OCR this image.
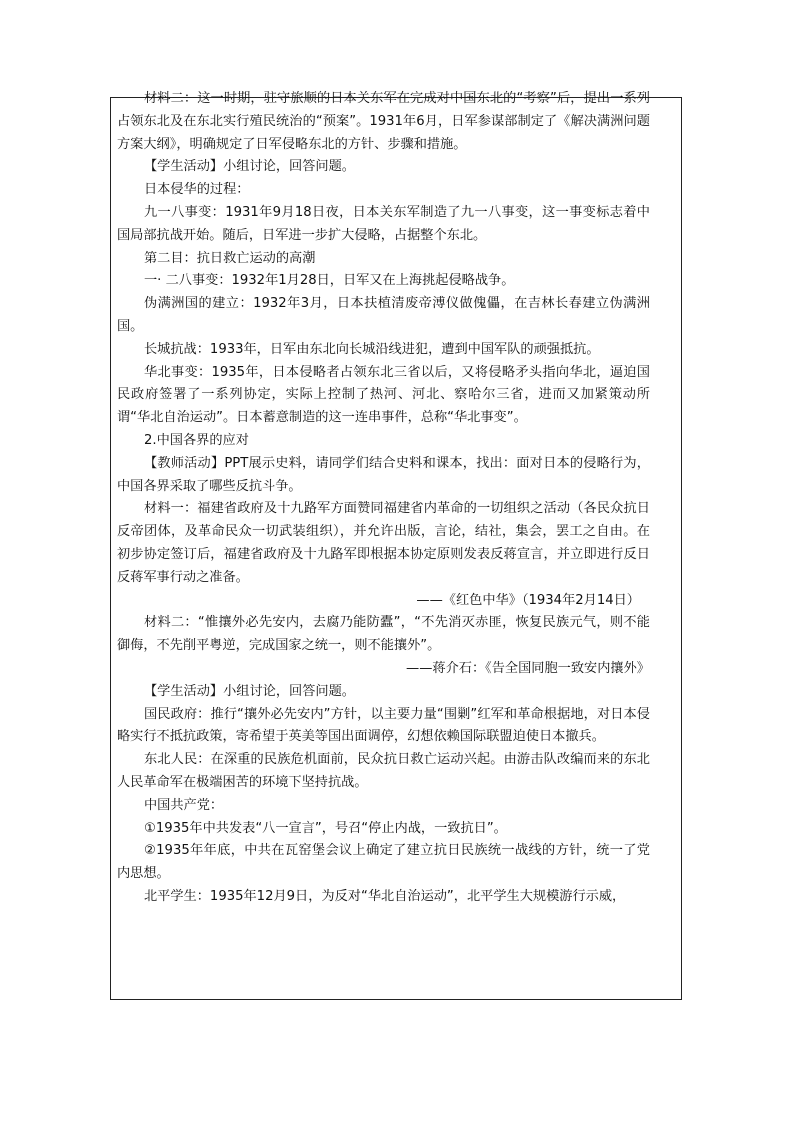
材料二：这一时期，驻守旅顺的日本关东军在完成对中国东北的“考察”后，提出一系列占领东北及在东北实行殖民统治的“预案”。1931年6月，日军参谋部制定了《解决满洲问题方案大纲》，明确规定了日军侵略东北的方针、步骤和措施。

【学生活动】小组讨论，回答问题。

日本侵华的过程：

九一八事变：1931年9月18日夜，日本关东军制造了九一八事变，这一事变标志着中国局部抗战开始。随后，日军进一步扩大侵略，占据整个东北。

第二目：抗日救亡运动的高潮

一· 二八事变：1932年1月28日，日军又在上海挑起侵略战争。

伪满洲国的建立：1932年3月，日本扶植清废帝溥仪做傀儡，在吉林长春建立伪满洲国。

长城抗战：1933年，日军由东北向长城沿线进犯，遭到中国军队的顽强抵抗。

华北事变：1935年，日本侵略者占领东北三省以后，又将侵略矛头指向华北，逼迫国民政府签署了一系列协定，实际上控制了热河、河北、察哈尔三省，进而又加紧策动所谓“华北自治运动”。日本蓄意制造的这一连串事件，总称“华北事变”。

2.中国各界的应对

【教师活动】PPT展示史料，请同学们结合史料和课本，找出：面对日本的侵略行为，中国各界采取了哪些反抗斗争。

材料一：福建省政府及十九路军方面赞同福建省内革命的一切组织之活动（各民众抗日反帝团体，及革命民众一切武装组织），并允许出版，言论，结社，集会，罢工之自由。在初步协定签订后，福建省政府及十九路军即根据本协定原则发表反蒋宣言，并立即进行反日反蒋军事行动之准备。

——《红色中华》（1934年2月14日）

材料二：“惟攘外必先安内，去腐乃能防蠹”，“不先消灭赤匪，恢复民族元气，则不能御侮，不先削平粤逆，完成国家之统一，则不能攘外”。

——蒋介石：《告全国同胞一致安内攘外》

【学生活动】小组讨论，回答问题。

国民政府：推行“攘外必先安内”方针，以主要力量“围剿”红军和革命根据地，对日本侵略实行不抵抗政策，寄希望于英美等国出面调停，幻想依赖国际联盟迫使日本撤兵。

东北人民：在深重的民族危机面前，民众抗日救亡运动兴起。由游击队改编而来的东北人民革命军在极端困苦的环境下坚持抗战。

中国共产党：

①1935年中共发表“八一宣言”，号召“停止内战，一致抗日”。

②1935年年底，中共在瓦窑堡会议上确定了建立抗日民族统一战线的方针，统一了党内思想。

北平学生：1935年12月9日，为反对“华北自治运动”，北平学生大规模游行示威，
